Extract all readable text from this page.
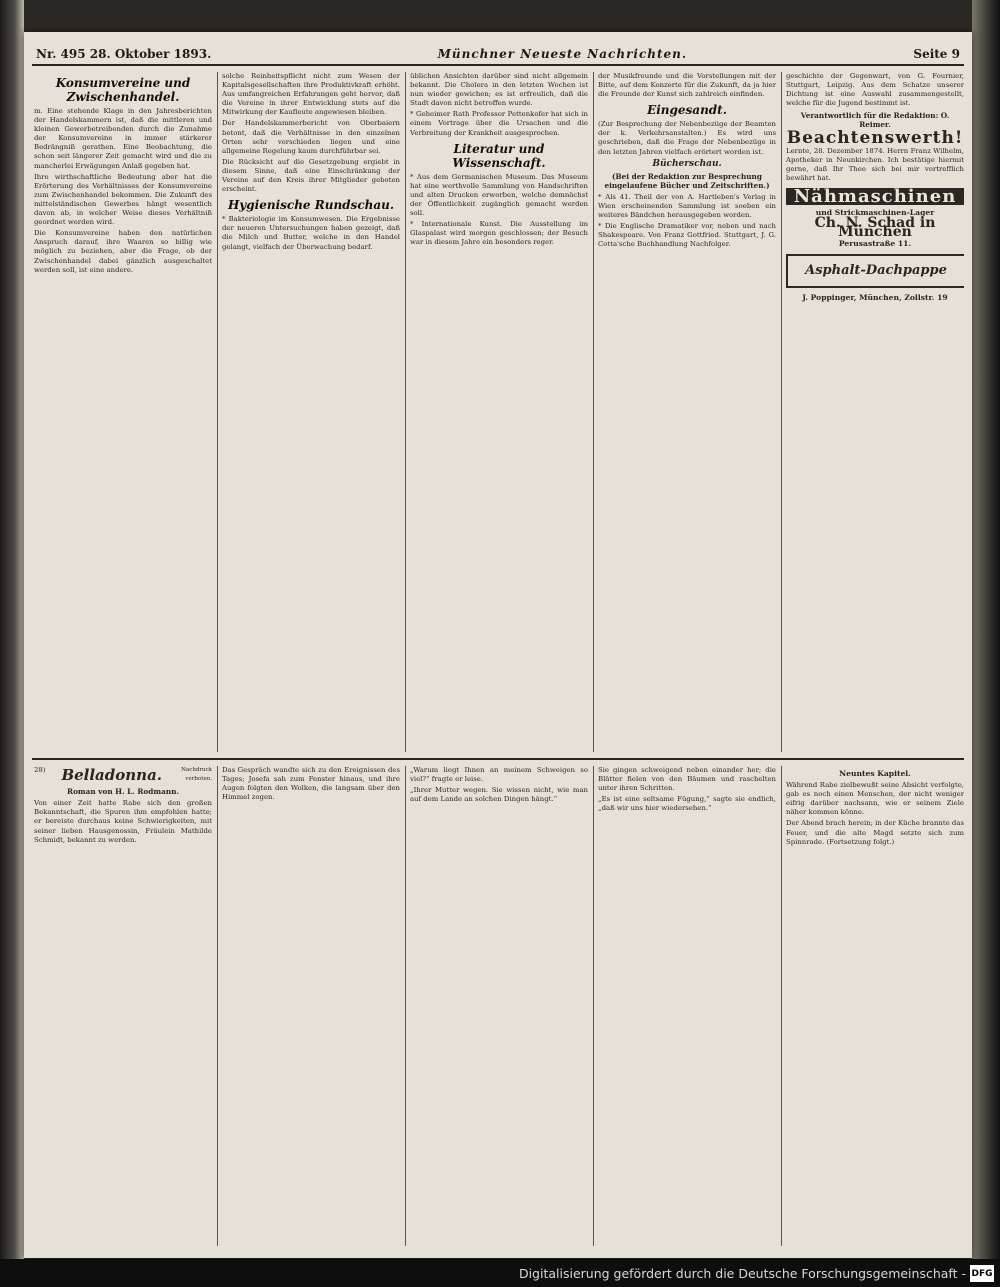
Nr. 495 28. Oktober 1893.	Münchner Neueste Nachrichten.	Seite 9
Konsumvereine und Zwischenhandel.

m. Eine stehende Klage in den Jahresberichten der Handelskammern ist, daß die mittleren und kleinen Gewerbetreibenden durch die Zunahme der Konsumvereine in immer stärkerer Bedrängniß gerathen. Eine Beobachtung, die schon seit längerer Zeit gemacht wird und die zu mancherlei Erwägungen Anlaß gegeben hat.

Ihre wirthschaftliche Bedeutung aber hat die Erörterung des Verhältnisses der Konsumvereine zum Zwischenhandel bekommen. Die Zukunft des mittelständischen Gewerbes hängt wesentlich davon ab, in welcher Weise dieses Verhältniß geordnet werden wird.

Die Konsumvereine haben den natürlichen Anspruch darauf, ihre Waaren so billig wie möglich zu beziehen, aber die Frage, ob der Zwischenhandel dabei gänzlich ausgeschaltet werden soll, ist eine andere.

solche Reinheitspflicht nicht zum Wesen der Kapitalsgesellschaften ihre Produktivkraft erhöht. Aus umfangreichen Erfahrungen geht hervor, daß die Vereine in ihrer Entwicklung stets auf die Mitwirkung der Kaufleute angewiesen bleiben.

Der Handelskammerbericht von Oberbaiern betont, daß die Verhältnisse in den einzelnen Orten sehr verschieden liegen und eine allgemeine Regelung kaum durchführbar sei.

Die Rücksicht auf die Gesetzgebung ergiebt in diesem Sinne, daß eine Einschränkung der Vereine auf den Kreis ihrer Mitglieder geboten erscheint.

Hygienische Rundschau.

* Bakteriologie im Konsumwesen. Die Ergebnisse der neueren Untersuchungen haben gezeigt, daß die Milch und Butter, welche in den Handel gelangt, vielfach der Überwachung bedarf.

üblichen Ansichten darüber sind nicht allgemein bekannt. Die Cholera in den letzten Wochen ist nun wieder gewichen; es ist erfreulich, daß die Stadt davon nicht betroffen wurde.

* Geheimer Rath Professor Pettenkofer hat sich in einem Vortrage über die Ursachen und die Verbreitung der Krankheit ausgesprochen.

Literatur und Wissenschaft.

* Aus dem Germanischen Museum. Das Museum hat eine werthvolle Sammlung von Handschriften und alten Drucken erworben, welche demnächst der Öffentlichkeit zugänglich gemacht werden soll.

* Internationale Kunst. Die Ausstellung im Glaspalast wird morgen geschlossen; der Besuch war in diesem Jahre ein besonders reger.

der Musikfreunde und die Vorstellungen mit der Bitte, auf dem Konzerte für die Zukunft, da ja hier die Freunde der Kunst sich zahlreich einfinden.

Eingesandt.

(Zur Besprechung der Nebenbezüge der Beamten der k. Verkehrsanstalten.) Es wird uns geschrieben, daß die Frage der Nebenbezüge in den letzten Jahren vielfach erörtert worden ist.

Bücherschau.
(Bei der Redaktion zur Besprechung eingelaufene Bücher und Zeitschriften.)

* Als 41. Theil der von A. Hartleben's Verlag in Wien erscheinenden Sammlung ist soeben ein weiteres Bändchen herausgegeben worden.

* Die Englische Dramatiker vor, neben und nach Shakespeare. Von Franz Gottfried. Stuttgart, J. G. Cotta'sche Buchhandlung Nachfolger.

geschichte der Gegenwart, von G. Fournier, Stuttgart, Leipzig. Aus dem Schatze unserer Dichtung ist eine Auswahl zusammengestellt, welche für die Jugend bestimmt ist.

Verantwortlich für die Redaktion: O. Reimer.

Beachtenswerth!

Lernte, 28. Dezember 1874. Herrn Franz Wilhelm, Apotheker in Neunkirchen. Ich bestätige hiermit gerne, daß Ihr Thee sich bei mir vortrefflich bewährt hat.

Nähmaschinen
und Strickmaschinen-Lager
Ch. N. Schad in München
Perusastraße 11.
Asphalt-Dachpappe
J. Poppinger, München, Zollstr. 19
28) Belladonna.	Nachdruck verboten.
Roman von H. L. Rodmann.

Von einer Zeit hatte Rabe sich den großen Bekanntschaft, die Spuren ihm empfohlen hatte; er bereiste durchaus keine Schwierigkeiten, mit seiner lieben Hausgenossin, Fräulein Mathilde Schmidt, bekannt zu werden.

Das Gespräch wandte sich zu den Ereignissen des Tages; Josefa sah zum Fenster hinaus, und ihre Augen folgten den Wolken, die langsam über den Himmel zogen.

„Warum liegt Ihnen an meinem Schweigen so viel?“ fragte er leise.

„Ihrer Mutter wegen. Sie wissen nicht, wie man auf dem Lande an solchen Dingen hängt.“

Sie gingen schweigend neben einander her; die Blätter fielen von den Bäumen und raschelten unter ihren Schritten.

„Es ist eine seltsame Fügung,“ sagte sie endlich, „daß wir uns hier wiedersehen.“

Neuntes Kapitel.

Während Rabe zielbewußt seine Absicht verfolgte, gab es noch einen Menschen, der nicht weniger eifrig darüber nachsann, wie er seinem Ziele näher kommen könne.

Der Abend brach herein; in der Küche brannte das Feuer, und die alte Magd setzte sich zum Spinnrade. (Fortsetzung folgt.)

Digitalisierung gefördert durch die Deutsche Forschungsgemeinschaft - DFG
